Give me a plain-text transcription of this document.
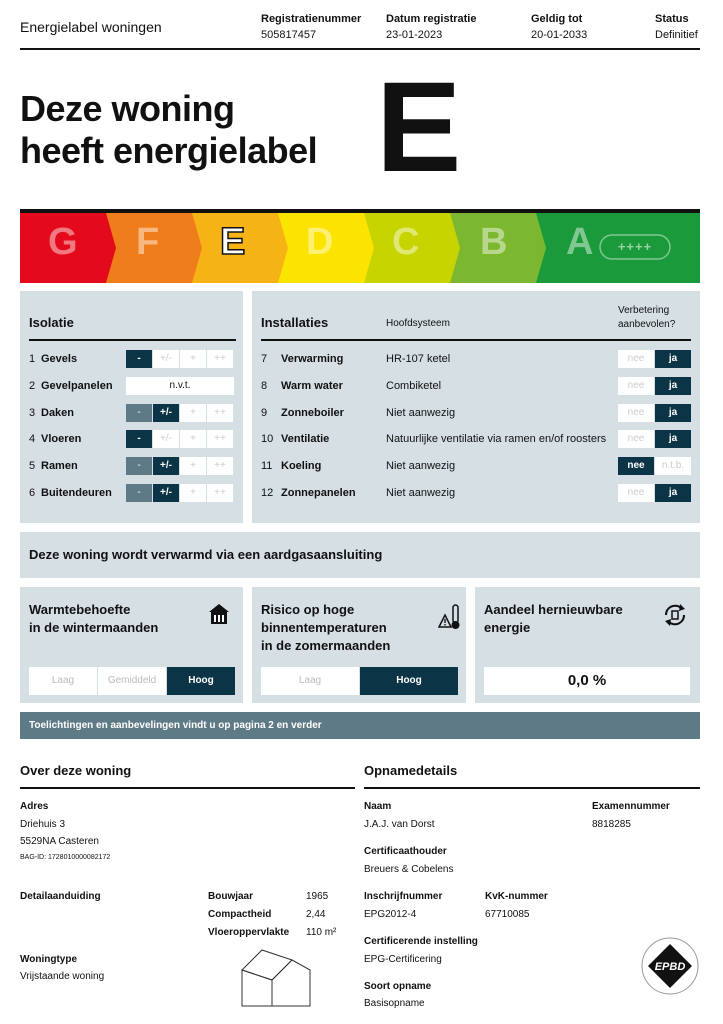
Energielabel woningen	Registratienummer
505817457
Datum registratie
23-01-2023
Geldig tot
20-01-2033
Status
Definitief
Deze woning
heeft energielabel E
G F E D C B A	++++
Isolatie
1 Gevels	-	+/-	+	++
2 Gevelpanelen	n.v.t.
3 Daken	-	+/-	+	++
4 Vloeren	-	+/-	+	++
5 Ramen	-	+/-	+	++
6 Buitendeuren	-	+/-	+	++
Installaties	Hoofdsysteem
Verbetering
aanbevolen?
7 Verwarming	HR-107 ketel	nee	ja
8 Warm water	Combiketel	nee	ja
9 Zonneboiler	Niet aanwezig	nee	ja
10 Ventilatie	Natuurlijke ventilatie via ramen en/of roosters	nee	ja
11 Koeling	Niet aanwezig	nee	n.t.b.
12 Zonnepanelen	Niet aanwezig	nee	ja
Deze woning wordt verwarmd via een aardgasaansluiting
Warmtebehoefte
in de wintermaanden
Laag	Gemiddeld	Hoog
Risico op hoge
binnentemperaturen
in de zomermaanden
Laag	Hoog
Aandeel hernieuwbare
energie
0,0 %
Toelichtingen en aanbevelingen vindt u op pagina 2 en verder
Over deze woning
Adres
Driehuis 3
5529NA Casteren
BAG-ID: 1728010000082172
Detailaanduiding	Bouwjaar	1965
Compactheid	2,44
Vloeroppervlakte 110 m²
Woningtype
Vrijstaande woning
Opnamedetails
Naam
J.A.J. van Dorst
Examennummer
8818285
Certificaathouder
Breuers & Cobelens
Inschrijfnummer
EPG2012-4
KvK-nummer
67710085
Certificerende instelling
EPG-Certificering
Soort opname
Basisopname
EPBD
